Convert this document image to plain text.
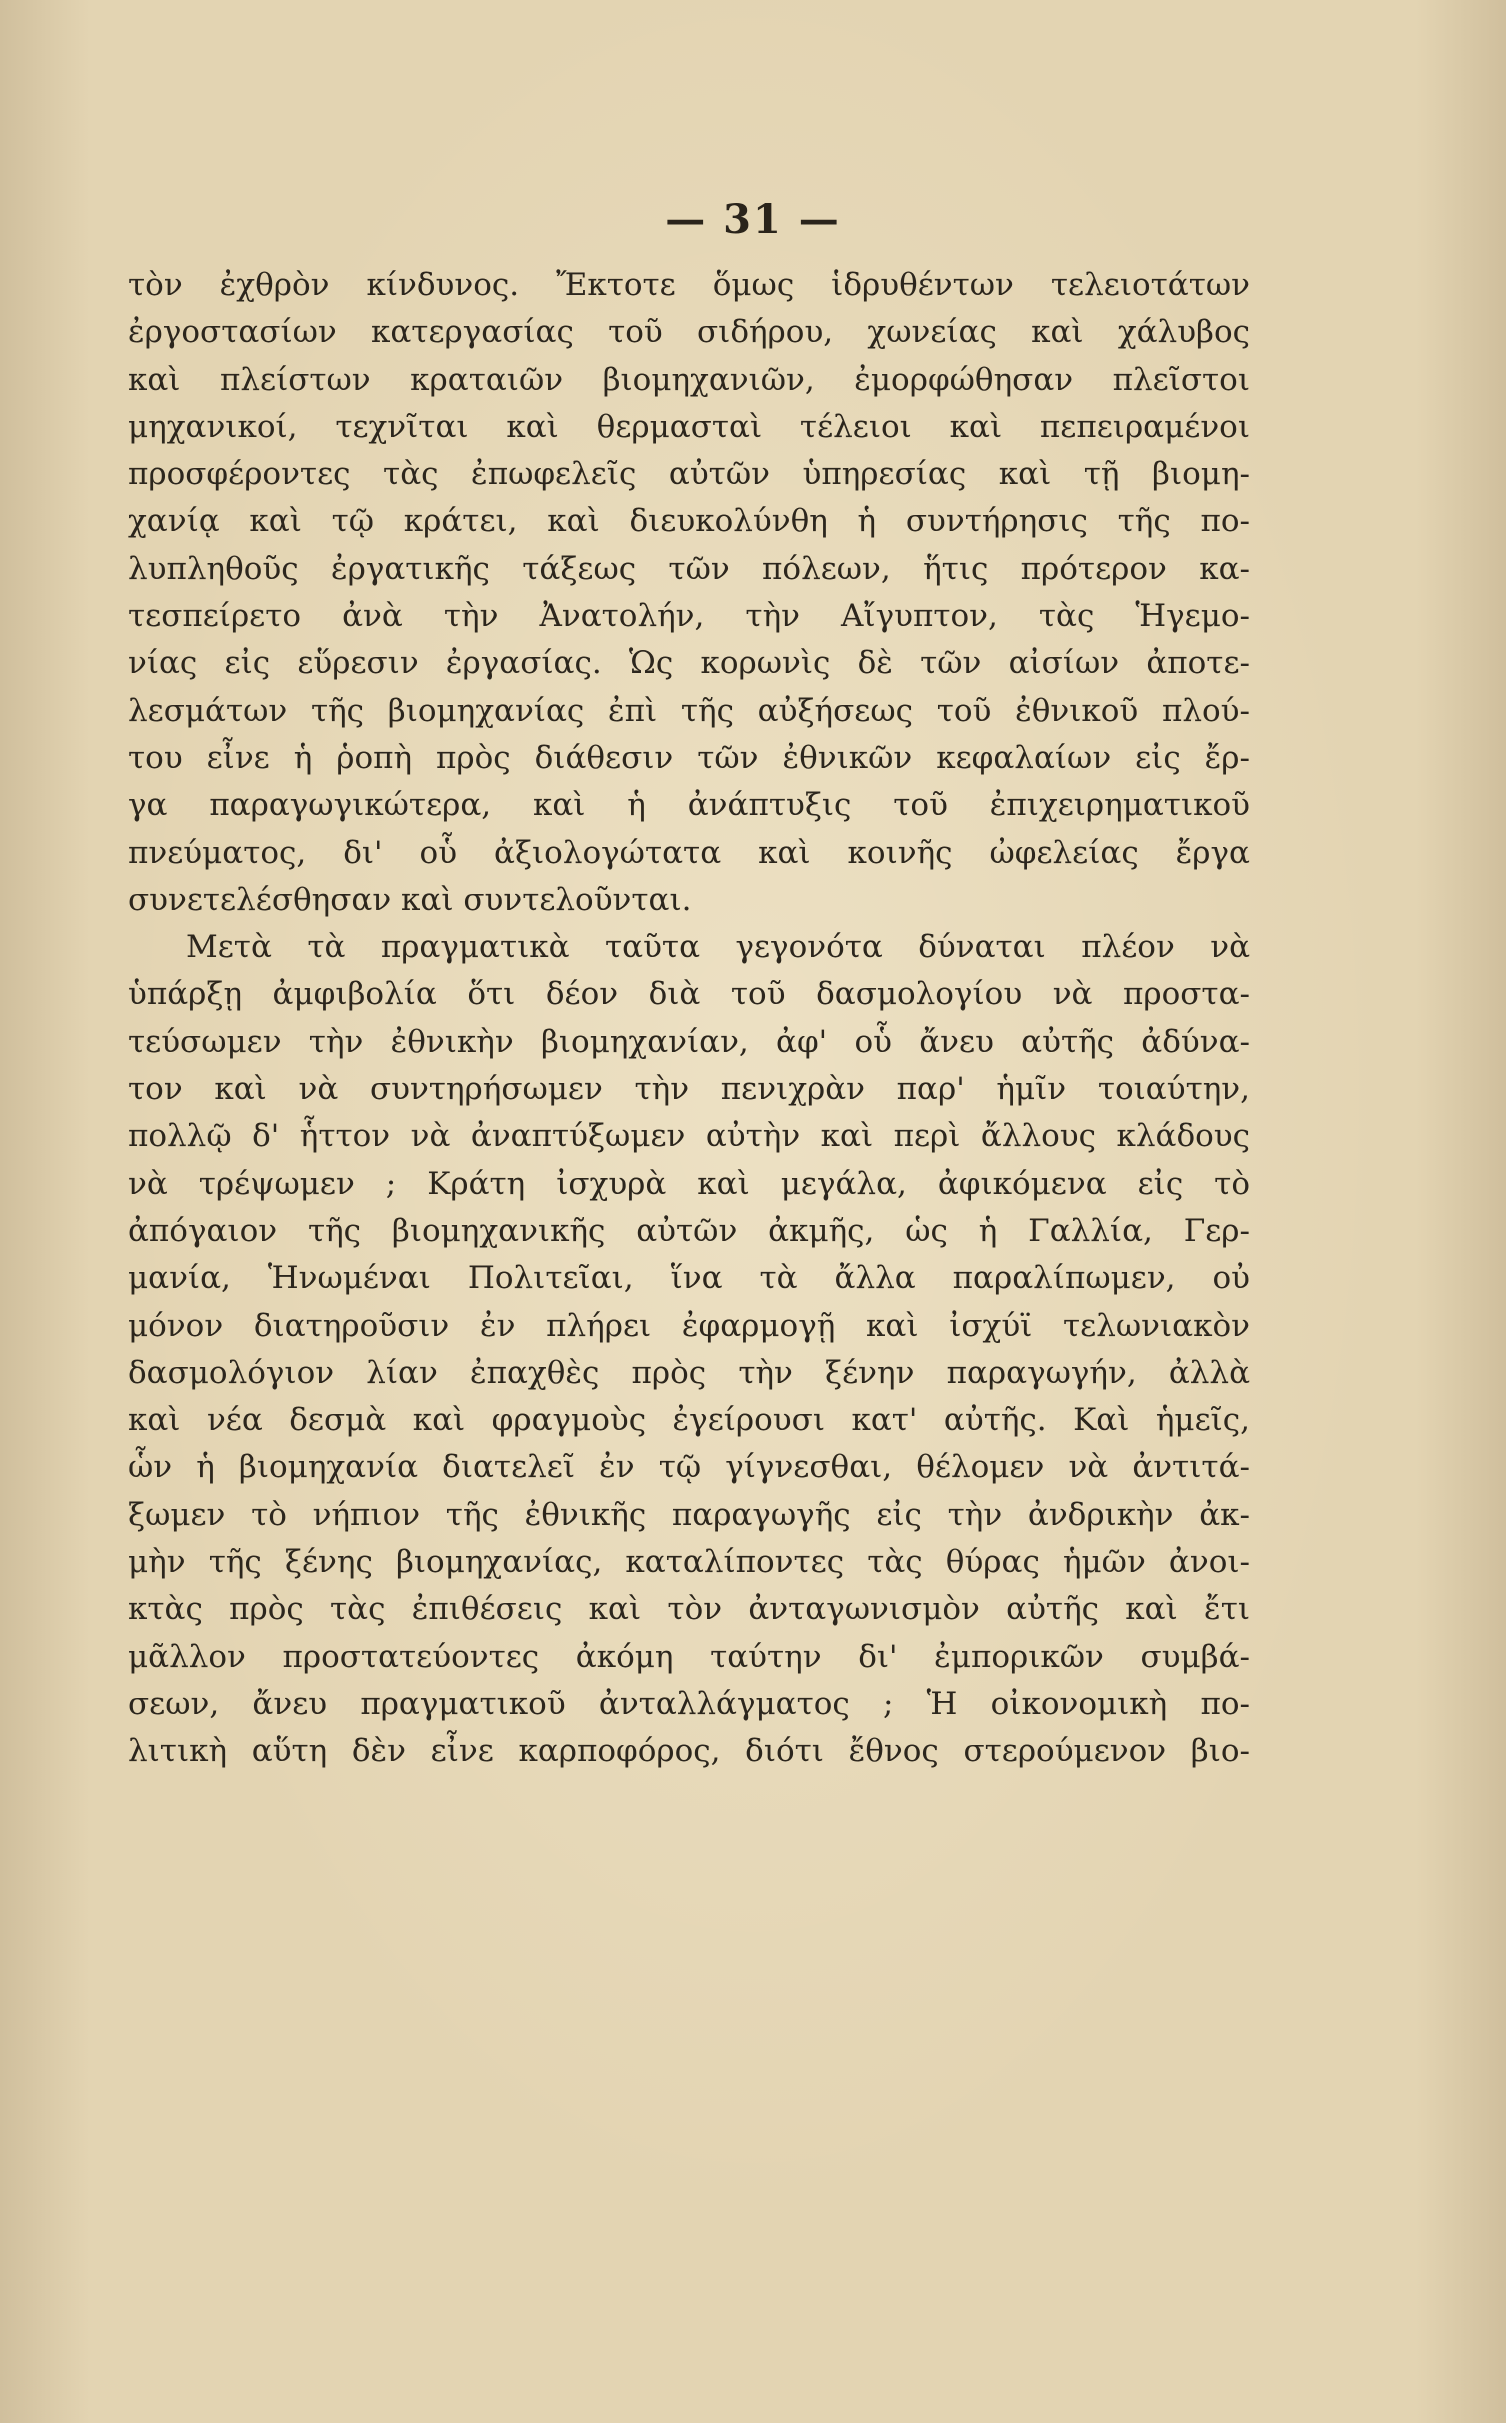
— 31 —
τὸν ἐχθρὸν κίνδυνος. Ἔκτοτε ὅμως ἱδρυθέντων τελειοτάτων
ἐργοστασίων κατεργασίας τοῦ σιδήρου, χωνείας καὶ χάλυβος
καὶ πλείστων κραταιῶν βιομηχανιῶν, ἐμορφώθησαν πλεῖστοι
μηχανικοί, τεχνῖται καὶ θερμασταὶ τέλειοι καὶ πεπειραμένοι
προσφέροντες τὰς ἐπωφελεῖς αὐτῶν ὑπηρεσίας καὶ τῇ βιομη-
χανίᾳ καὶ τῷ κράτει, καὶ διευκολύνθη ἡ συντήρησις τῆς πο-
λυπληθοῦς ἐργατικῆς τάξεως τῶν πόλεων, ἥτις πρότερον κα-
τεσπείρετο ἀνὰ τὴν Ἀνατολήν, τὴν Αἴγυπτον, τὰς Ἡγεμο-
νίας εἰς εὕρεσιν ἐργασίας. Ὡς κορωνὶς δὲ τῶν αἰσίων ἀποτε-
λεσμάτων τῆς βιομηχανίας ἐπὶ τῆς αὐξήσεως τοῦ ἐθνικοῦ πλού-
του εἶνε ἡ ῥοπὴ πρὸς διάθεσιν τῶν ἐθνικῶν κεφαλαίων εἰς ἔρ-
γα παραγωγικώτερα, καὶ ἡ ἀνάπτυξις τοῦ ἐπιχειρηματικοῦ
πνεύματος, δι' οὗ ἀξιολογώτατα καὶ κοινῆς ὠφελείας ἔργα
συνετελέσθησαν καὶ συντελοῦνται.
Μετὰ τὰ πραγματικὰ ταῦτα γεγονότα δύναται πλέον νὰ
ὑπάρξῃ ἀμφιβολία ὅτι δέον διὰ τοῦ δασμολογίου νὰ προστα-
τεύσωμεν τὴν ἐθνικὴν βιομηχανίαν, ἀφ' οὗ ἄνευ αὐτῆς ἀδύνα-
τον καὶ νὰ συντηρήσωμεν τὴν πενιχρὰν παρ' ἡμῖν τοιαύτην,
πολλῷ δ' ἧττον νὰ ἀναπτύξωμεν αὐτὴν καὶ περὶ ἄλλους κλάδους
νὰ τρέψωμεν ; Κράτη ἰσχυρὰ καὶ μεγάλα, ἀφικόμενα εἰς τὸ
ἀπόγαιον τῆς βιομηχανικῆς αὐτῶν ἀκμῆς, ὡς ἡ Γαλλία, Γερ-
μανία, Ἡνωμέναι Πολιτεῖαι, ἵνα τὰ ἄλλα παραλίπωμεν, οὐ
μόνον διατηροῦσιν ἐν πλήρει ἐφαρμογῇ καὶ ἰσχύϊ τελωνιακὸν
δασμολόγιον λίαν ἐπαχθὲς πρὸς τὴν ξένην παραγωγήν, ἀλλὰ
καὶ νέα δεσμὰ καὶ φραγμοὺς ἐγείρουσι κατ' αὐτῆς. Καὶ ἡμεῖς,
ὧν ἡ βιομηχανία διατελεῖ ἐν τῷ γίγνεσθαι, θέλομεν νὰ ἀντιτά-
ξωμεν τὸ νήπιον τῆς ἐθνικῆς παραγωγῆς εἰς τὴν ἀνδρικὴν ἀκ-
μὴν τῆς ξένης βιομηχανίας, καταλίποντες τὰς θύρας ἡμῶν ἀνοι-
κτὰς πρὸς τὰς ἐπιθέσεις καὶ τὸν ἀνταγωνισμὸν αὐτῆς καὶ ἔτι
μᾶλλον προστατεύοντες ἀκόμη ταύτην δι' ἐμπορικῶν συμβά-
σεων, ἄνευ πραγματικοῦ ἀνταλλάγματος ; Ἡ οἰκονομικὴ πο-
λιτικὴ αὕτη δὲν εἶνε καρποφόρος, διότι ἔθνος στερούμενον βιο-
